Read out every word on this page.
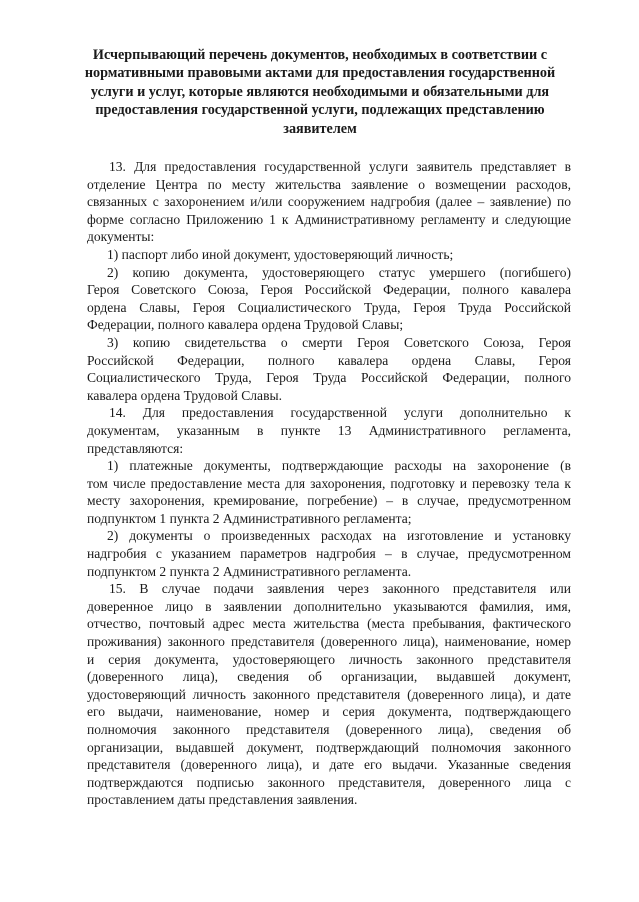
Исчерпывающий перечень документов, необходимых в соответствии с
нормативными правовыми актами для предоставления государственной
услуги и услуг, которые являются необходимыми и обязательными для
предоставления государственной услуги, подлежащих представлению
заявителем

13. Для предоставления государственной услуги заявитель представляет в

отделение Центра по месту жительства заявление о возмещении расходов,

связанных с захоронением и/или сооружением надгробия (далее – заявление) по

форме согласно Приложению 1 к Административному регламенту и следующие

документы:

1) паспорт либо иной документ, удостоверяющий личность;

2) копию документа, удостоверяющего статус умершего (погибшего)

Героя Советского Союза, Героя Российской Федерации, полного кавалера

ордена Славы, Героя Социалистического Труда, Героя Труда Российской

Федерации, полного кавалера ордена Трудовой Славы;

3) копию свидетельства о смерти Героя Советского Союза, Героя

Российской Федерации, полного кавалера ордена Славы, Героя

Социалистического Труда, Героя Труда Российской Федерации, полного

кавалера ордена Трудовой Славы.

14. Для предоставления государственной услуги дополнительно к

документам, указанным в пункте 13 Административного регламента,

представляются:

1) платежные документы, подтверждающие расходы на захоронение (в

том числе предоставление места для захоронения, подготовку и перевозку тела к

месту захоронения, кремирование, погребение) – в случае, предусмотренном

подпунктом 1 пункта 2 Административного регламента;

2) документы о произведенных расходах на изготовление и установку

надгробия с указанием параметров надгробия – в случае, предусмотренном

подпунктом 2 пункта 2 Административного регламента.

15. В случае подачи заявления через законного представителя или

доверенное лицо в заявлении дополнительно указываются фамилия, имя,

отчество, почтовый адрес места жительства (места пребывания, фактического

проживания) законного представителя (доверенного лица), наименование, номер

и серия документа, удостоверяющего личность законного представителя

(доверенного лица), сведения об организации, выдавшей документ,

удостоверяющий личность законного представителя (доверенного лица), и дате

его выдачи, наименование, номер и серия документа, подтверждающего

полномочия законного представителя (доверенного лица), сведения об

организации, выдавшей документ, подтверждающий полномочия законного

представителя (доверенного лица), и дате его выдачи. Указанные сведения

подтверждаются подписью законного представителя, доверенного лица с

проставлением даты представления заявления.
